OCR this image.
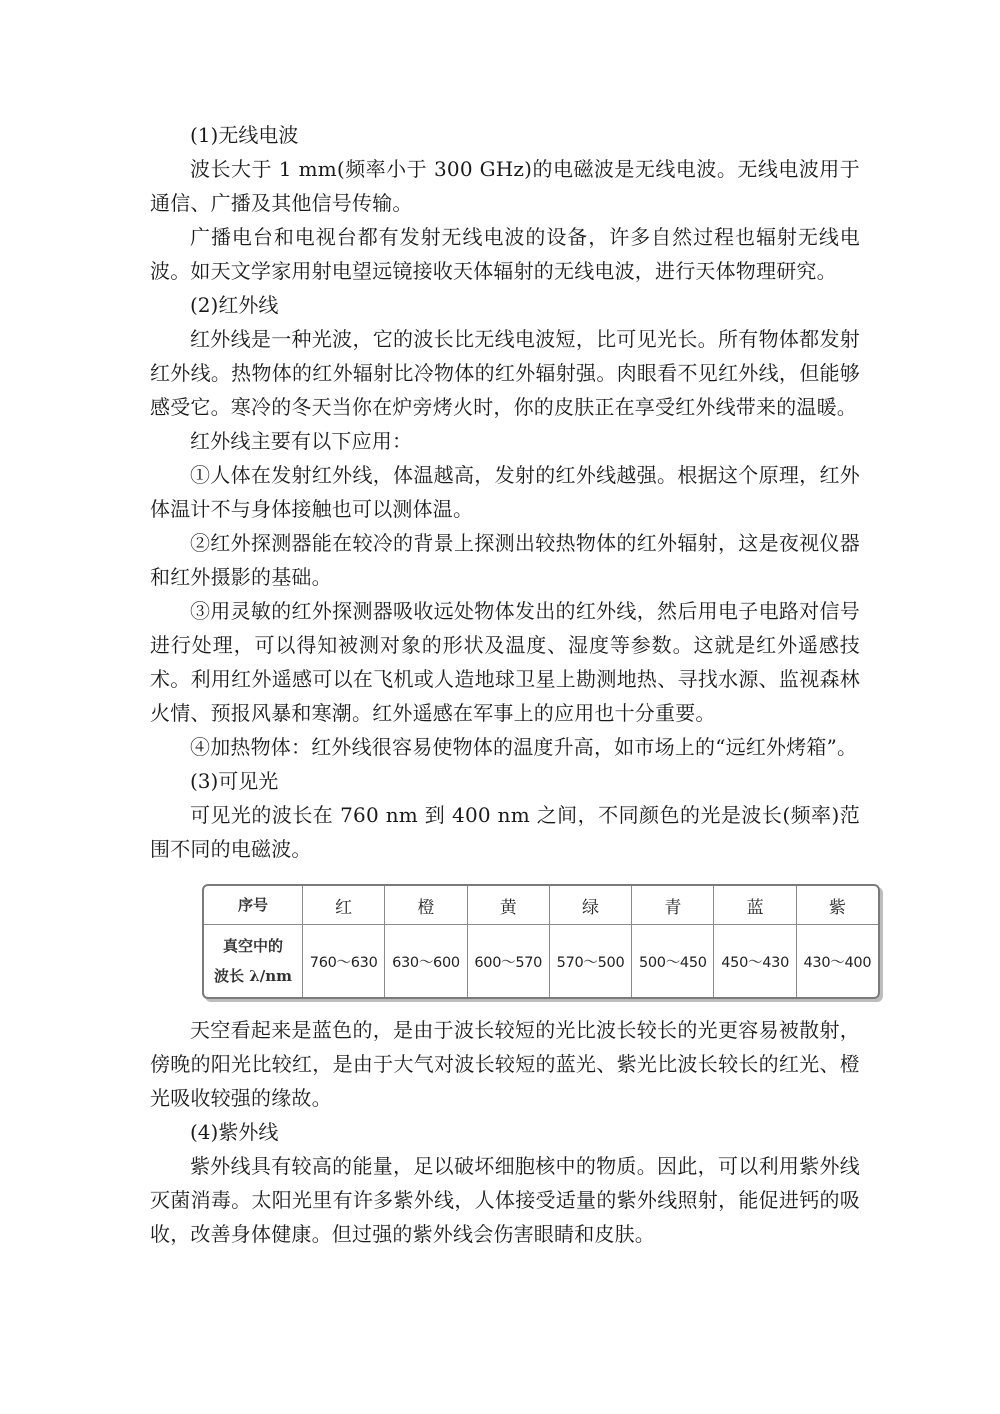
(1)无线电波

波长大于 1 mm(频率小于 300 GHz)的电磁波是无线电波。无线电波用于通信、广播及其他信号传输。

广播电台和电视台都有发射无线电波的设备，许多自然过程也辐射无线电波。如天文学家用射电望远镜接收天体辐射的无线电波，进行天体物理研究。

(2)红外线

红外线是一种光波，它的波长比无线电波短，比可见光长。所有物体都发射红外线。热物体的红外辐射比冷物体的红外辐射强。肉眼看不见红外线，但能够感受它。寒冷的冬天当你在炉旁烤火时，你的皮肤正在享受红外线带来的温暖。

红外线主要有以下应用：

①人体在发射红外线，体温越高，发射的红外线越强。根据这个原理，红外体温计不与身体接触也可以测体温。

②红外探测器能在较冷的背景上探测出较热物体的红外辐射，这是夜视仪器和红外摄影的基础。

③用灵敏的红外探测器吸收远处物体发出的红外线，然后用电子电路对信号进行处理，可以得知被测对象的形状及温度、湿度等参数。这就是红外遥感技术。利用红外遥感可以在飞机或人造地球卫星上勘测地热、寻找水源、监视森林火情、预报风暴和寒潮。红外遥感在军事上的应用也十分重要。

④加热物体：红外线很容易使物体的温度升高，如市场上的“远红外烤箱”。

(3)可见光

可见光的波长在 760 nm 到 400 nm 之间，不同颜色的光是波长(频率)范围不同的电磁波。

序号	红	橙	黄	绿	青	蓝	紫

真空中的
波长 λ/nm	760～630	630～600	600～570	570～500	500～450	450～430	430～400

天空看起来是蓝色的，是由于波长较短的光比波长较长的光更容易被散射，傍晚的阳光比较红，是由于大气对波长较短的蓝光、紫光比波长较长的红光、橙光吸收较强的缘故。

(4)紫外线

紫外线具有较高的能量，足以破坏细胞核中的物质。因此，可以利用紫外线灭菌消毒。太阳光里有许多紫外线，人体接受适量的紫外线照射，能促进钙的吸收，改善身体健康。但过强的紫外线会伤害眼睛和皮肤。
